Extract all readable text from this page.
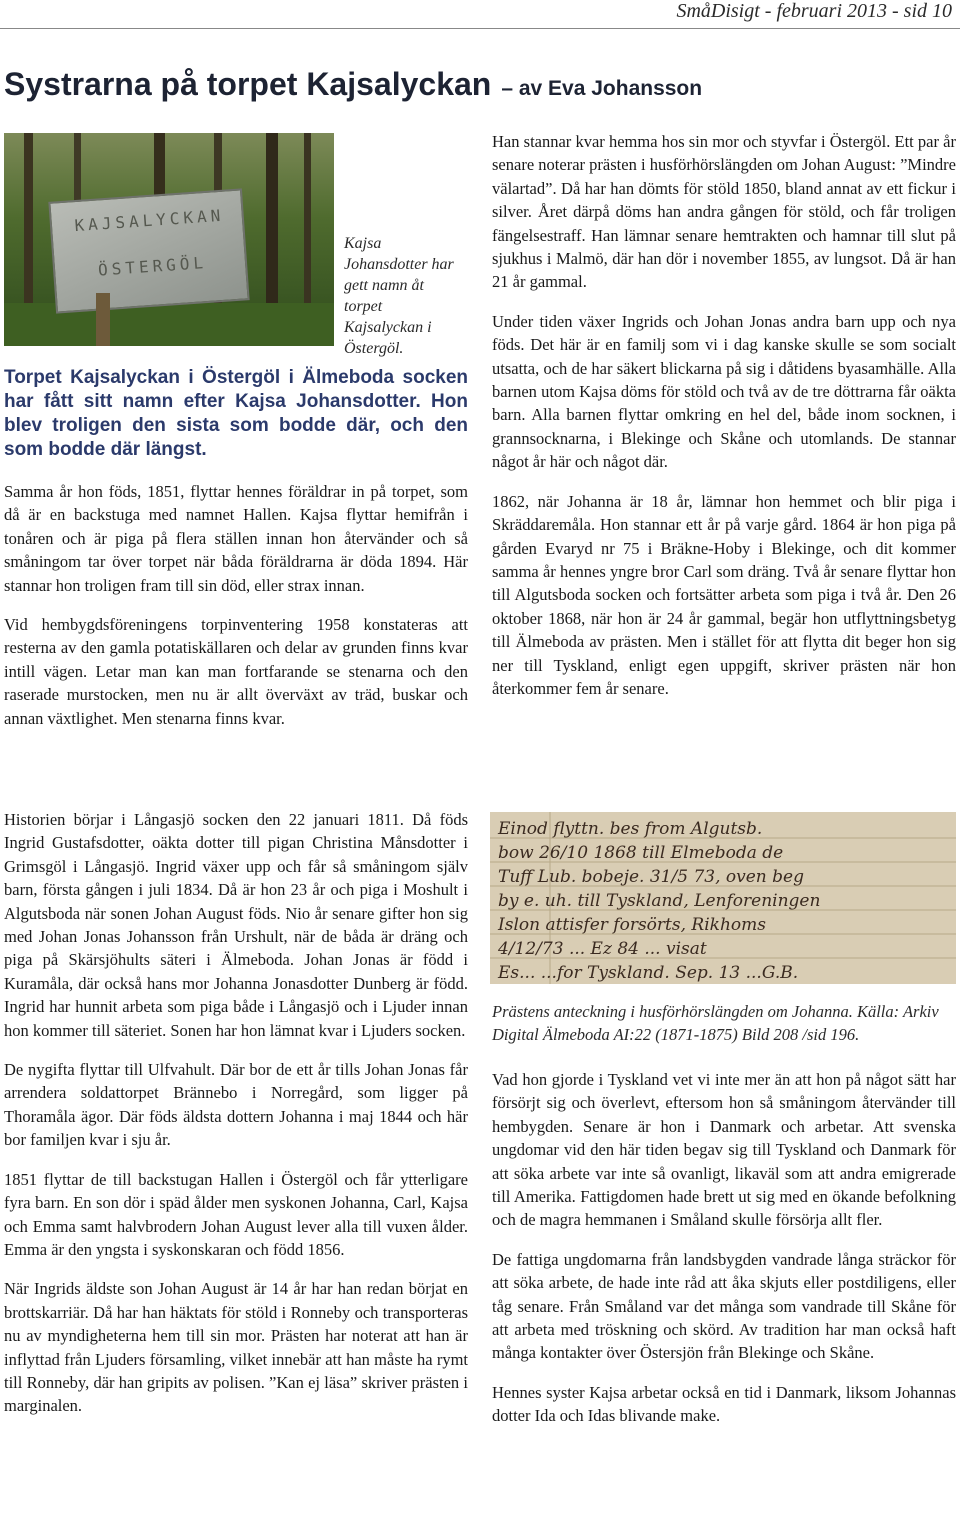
SmåDisigt - februari 2013 - sid 10
Systrarna på torpet Kajsalyckan – av Eva Johansson
KAJSALYCKAN
ÖSTERGÖL
Kajsa Johansdotter har gett namn åt torpet Kajsalyckan i Östergöl.
Torpet Kajsalyckan i Östergöl i Älmeboda socken har fått sitt namn efter Kajsa Johansdotter. Hon blev troligen den sista som bodde där, och den som bodde där längst.

Samma år hon föds, 1851, flyttar hennes föräldrar in på torpet, som då är en backstuga med namnet Hallen. Kajsa flyttar hemifrån i tonåren och är piga på flera ställen innan hon återvänder och så småningom tar över torpet när båda föräldrarna är döda 1894. Här stannar hon troligen fram till sin död, eller strax innan.

Vid hembygdsföreningens torpinventering 1958 konstateras att resterna av den gamla potatiskällaren och delar av grunden finns kvar intill vägen. Letar man kan man fortfarande se stenarna och den raserade murstocken, men nu är allt överväxt av träd, buskar och annan växtlighet. Men stenarna finns kvar.

Historien börjar i Långasjö socken den 22 januari 1811. Då föds Ingrid Gustafsdotter, oäkta dotter till pigan Christina Månsdotter i Grimsgöl i Långasjö. Ingrid växer upp och får så småningom själv barn, första gången i juli 1834. Då är hon 23 år och piga i Moshult i Algutsboda när sonen Johan August föds. Nio år senare gifter hon sig med Johan Jonas Johansson från Urshult, när de båda är dräng och piga på Skärsjöhults säteri i Älmeboda. Johan Jonas är född i Kuramåla, där också hans mor Johanna Jonasdotter Dunberg är född. Ingrid har hunnit arbeta som piga både i Långasjö och i Ljuder innan hon kommer till säteriet. Sonen har hon lämnat kvar i Ljuders socken.

De nygifta flyttar till Ulfvahult. Där bor de ett år tills Johan Jonas får arrendera soldattorpet Brännebo i Norregård, som ligger på Thoramåla ägor. Där föds äldsta dottern Johanna i maj 1844 och här bor familjen kvar i sju år.

1851 flyttar de till backstugan Hallen i Östergöl och får ytterligare fyra barn. En son dör i späd ålder men syskonen Johanna, Carl, Kajsa och Emma samt halvbrodern Johan August lever alla till vuxen ålder. Emma är den yngsta i syskonskaran och född 1856.

När Ingrids äldste son Johan August är 14 år har han redan börjat en brottskarriär. Då har han häktats för stöld i Ronneby och transporteras nu av myndigheterna hem till sin mor. Prästen har noterat att han är inflyttad från Ljuders församling, vilket innebär att han måste ha rymt till Ronneby, där han gripits av polisen. ”Kan ej läsa” skriver prästen i marginalen.

Han stannar kvar hemma hos sin mor och styvfar i Östergöl. Ett par år senare noterar prästen i husförhörslängden om Johan August: ”Mindre välartad”. Då har han dömts för stöld 1850, bland annat av ett fickur i silver. Året därpå döms han andra gången för stöld, och får troligen fängelsestraff. Han lämnar senare hemtrakten och hamnar till slut på sjukhus i Malmö, där han dör i november 1855, av lungsot. Då är han 21 år gammal.

Under tiden växer Ingrids och Johan Jonas andra barn upp och nya föds. Det här är en familj som vi i dag kanske skulle se som socialt utsatta, och de har säkert blickarna på sig i dåtidens byasamhälle. Alla barnen utom Kajsa döms för stöld och två av de tre döttrarna får oäkta barn. Alla barnen flyttar omkring en hel del, både inom socknen, i grannsocknarna, i Blekinge och Skåne och utomlands. De stannar något år här och något där.

1862, när Johanna är 18 år, lämnar hon hemmet och blir piga i Skräddaremåla. Hon stannar ett år på varje gård. 1864 är hon piga på gården Evaryd nr 75 i Bräkne-Hoby i Blekinge, och dit kommer samma år hennes yngre bror Carl som dräng. Två år senare flyttar hon till Algutsboda socken och fortsätter arbeta som piga i två år. Den 26 oktober 1868, när hon är 24 år gammal, begär hon utflyttningsbetyg till Älmeboda av prästen. Men i stället för att flytta dit beger hon sig ner till Tyskland, enligt egen uppgift, skriver prästen när hon återkommer fem år senare.

Einod flyttn. bes from Algutsb.
bow 26/10 1868 till Elmeboda de
Tuff Lub. bobeje. 31/5 73, oven beg
by e. uh. till Tyskland, Lenforeningen
Islon attisfer forsörts, Rikhoms
4/12/73 ... Ez 84 ... visat
Es... ...for Tyskland. Sep. 13 ...G.B.
Prästens anteckning i husförhörslängden om Johanna. Källa: Arkiv Digital Älmeboda AI:22 (1871-1875) Bild 208 /sid 196.

Vad hon gjorde i Tyskland vet vi inte mer än att hon på något sätt har försörjt sig och överlevt, eftersom hon så småningom återvänder till hembygden. Senare är hon i Danmark och arbetar. Att svenska ungdomar vid den här tiden begav sig till Tyskland och Danmark för att söka arbete var inte så ovanligt, likaväl som att andra emigrerade till Amerika. Fattigdomen hade brett ut sig med en ökande befolkning och de magra hemmanen i Småland skulle försörja allt fler.

De fattiga ungdomarna från landsbygden vandrade långa sträckor för att söka arbete, de hade inte råd att åka skjuts eller postdiligens, eller tåg senare. Från Småland var det många som vandrade till Skåne för att arbeta med tröskning och skörd. Av tradition har man också haft många kontakter över Östersjön från Blekinge och Skåne.

Hennes syster Kajsa arbetar också en tid i Danmark, liksom Johannas dotter Ida och Idas blivande make.
